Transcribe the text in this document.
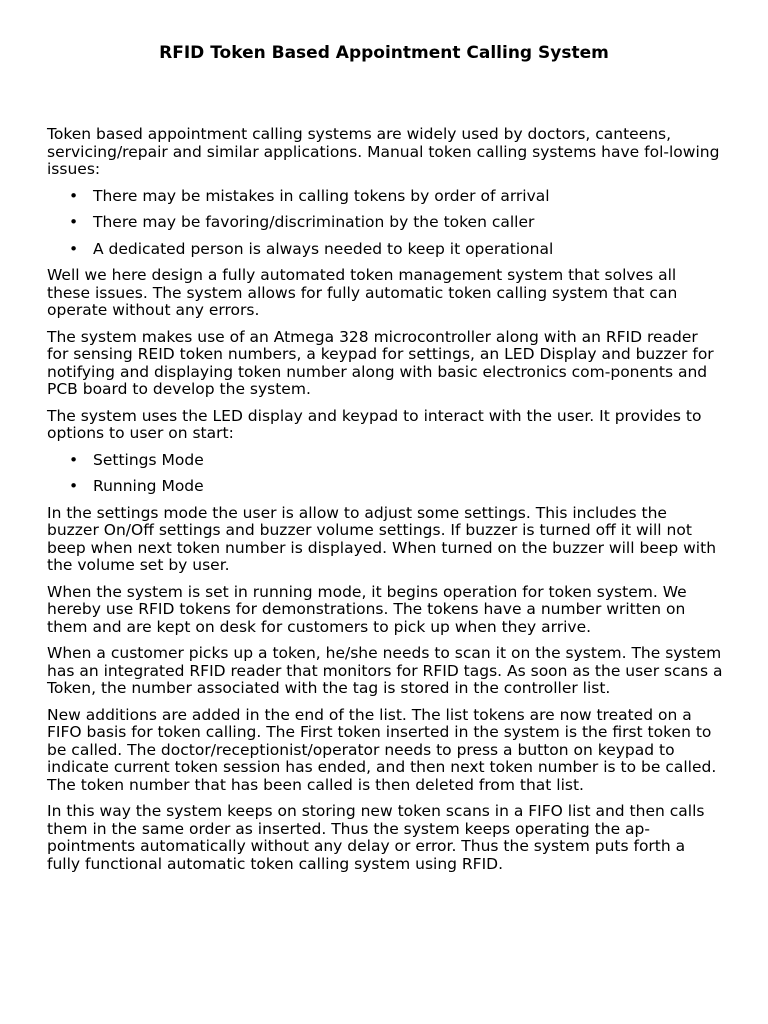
RFID Token Based Appointment Calling System

Token based appointment calling systems are widely used by doctors, canteens, servicing/repair and similar applications. Manual token calling systems have fol-lowing issues:

• There may be mistakes in calling tokens by order of arrival
• There may be favoring/discrimination by the token caller
• A dedicated person is always needed to keep it operational

Well we here design a fully automated token management system that solves all these issues. The system allows for fully automatic token calling system that can operate without any errors.

The system makes use of an Atmega 328 microcontroller along with an RFID reader for sensing REID token numbers, a keypad for settings, an LED Display and buzzer for notifying and displaying token number along with basic electronics com-ponents and PCB board to develop the system.

The system uses the LED display and keypad to interact with the user. It provides to options to user on start:

• Settings Mode
• Running Mode

In the settings mode the user is allow to adjust some settings. This includes the buzzer On/Off settings and buzzer volume settings. If buzzer is turned off it will not beep when next token number is displayed. When turned on the buzzer will beep with the volume set by user.

When the system is set in running mode, it begins operation for token system. We hereby use RFID tokens for demonstrations. The tokens have a number written on them and are kept on desk for customers to pick up when they arrive.

When a customer picks up a token, he/she needs to scan it on the system. The system has an integrated RFID reader that monitors for RFID tags. As soon as the user scans a Token, the number associated with the tag is stored in the controller list.

New additions are added in the end of the list. The list tokens are now treated on a FIFO basis for token calling. The First token inserted in the system is the first token to be called. The doctor/receptionist/operator needs to press a button on keypad to indicate current token session has ended, and then next token number is to be called. The token number that has been called is then deleted from that list.

In this way the system keeps on storing new token scans in a FIFO list and then calls them in the same order as inserted. Thus the system keeps operating the ap-pointments automatically without any delay or error. Thus the system puts forth a fully functional automatic token calling system using RFID.
